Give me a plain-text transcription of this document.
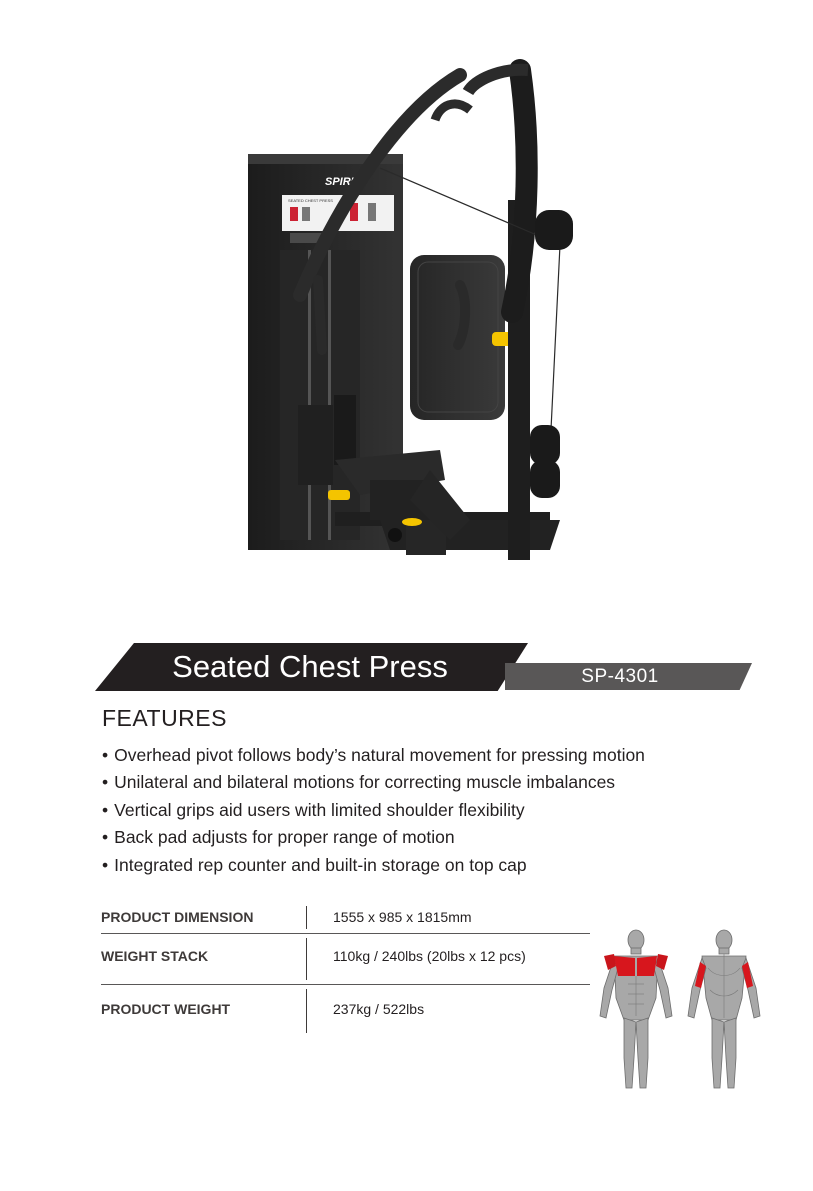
SPIRIT
SEATED CHEST PRESS
Seated Chest Press	SP-4301
FEATURES
• Overhead pivot follows body’s natural movement for pressing motion
• Unilateral and bilateral motions for correcting muscle imbalances
• Vertical grips aid users with limited shoulder flexibility
• Back pad adjusts for proper range of motion
• Integrated rep counter and built-in storage on top cap
PRODUCT DIMENSION	1555 x 985 x 1815mm
WEIGHT STACK	110kg / 240lbs (20lbs x 12 pcs)
PRODUCT WEIGHT	237kg / 522lbs
